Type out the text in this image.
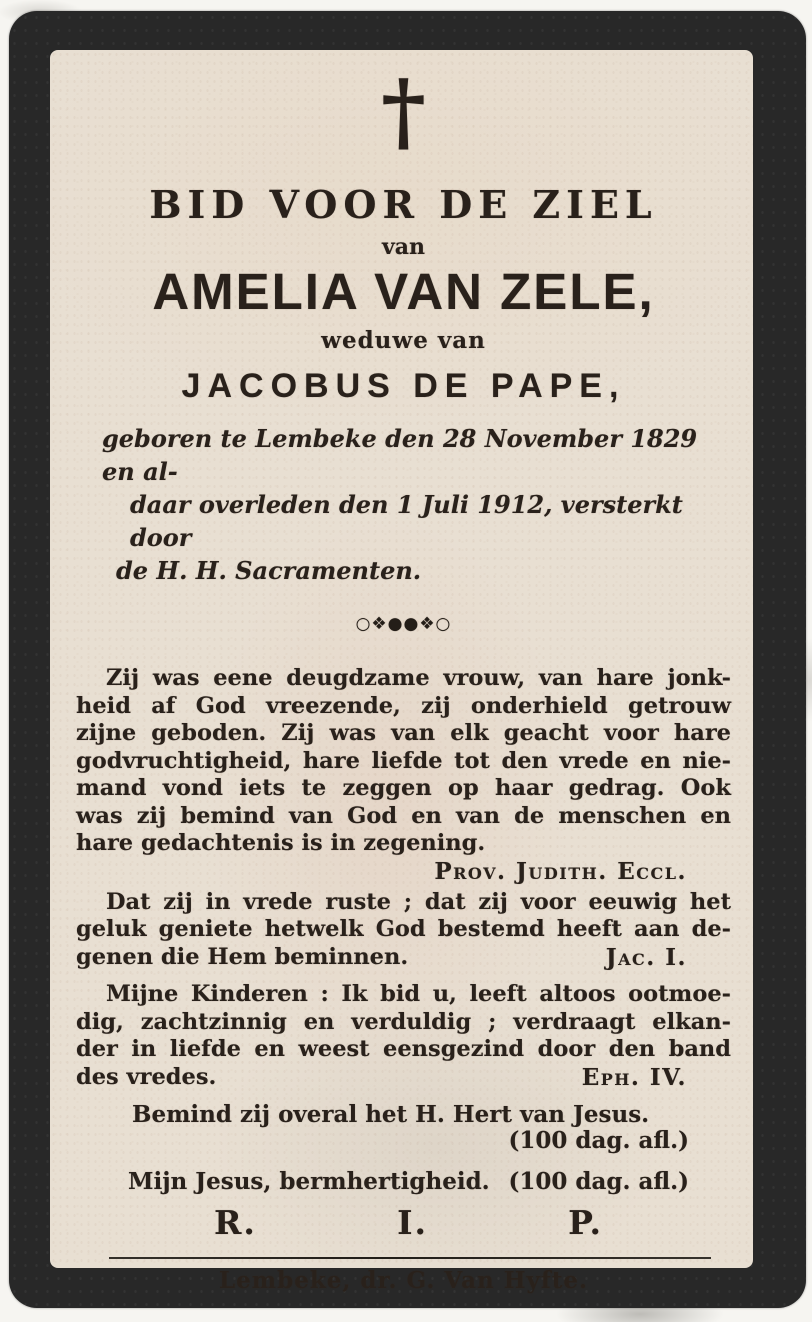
†
BID VOOR DE ZIEL
van
AMELIA VAN ZELE,
weduwe van
JACOBUS DE PAPE,
geboren te Lembeke den 28 November 1829 en al-
daar overleden den 1 Juli 1912, versterkt door
de H. H. Sacramenten.
○❖●●❖○
Zij was eene deugdzame vrouw, van hare jonk-
heid af God vreezende, zij onderhield getrouw
zijne geboden. Zij was van elk geacht voor hare
godvruchtigheid, hare liefde tot den vrede en nie-
mand vond iets te zeggen op haar gedrag. Ook
was zij bemind van God en van de menschen en
hare gedachtenis is in zegening.
Prov. Judith. Eccl.
Dat zij in vrede ruste ; dat zij voor eeuwig het
geluk geniete hetwelk God bestemd heeft aan de-
genen die Hem beminnen.	Jac. I.
Mijne Kinderen : Ik bid u, leeft altoos ootmoe-
dig, zachtzinnig en verduldig ; verdraagt elkan-
der in liefde en weest eensgezind door den band
des vredes.	Eph. IV.
Bemind zij overal het H. Hert van Jesus.
(100 dag. afl.)
Mijn Jesus, bermhertigheid. (100 dag. afl.)
R.	I.	P.
Lembeke, dr. G. Van Hyfte.
